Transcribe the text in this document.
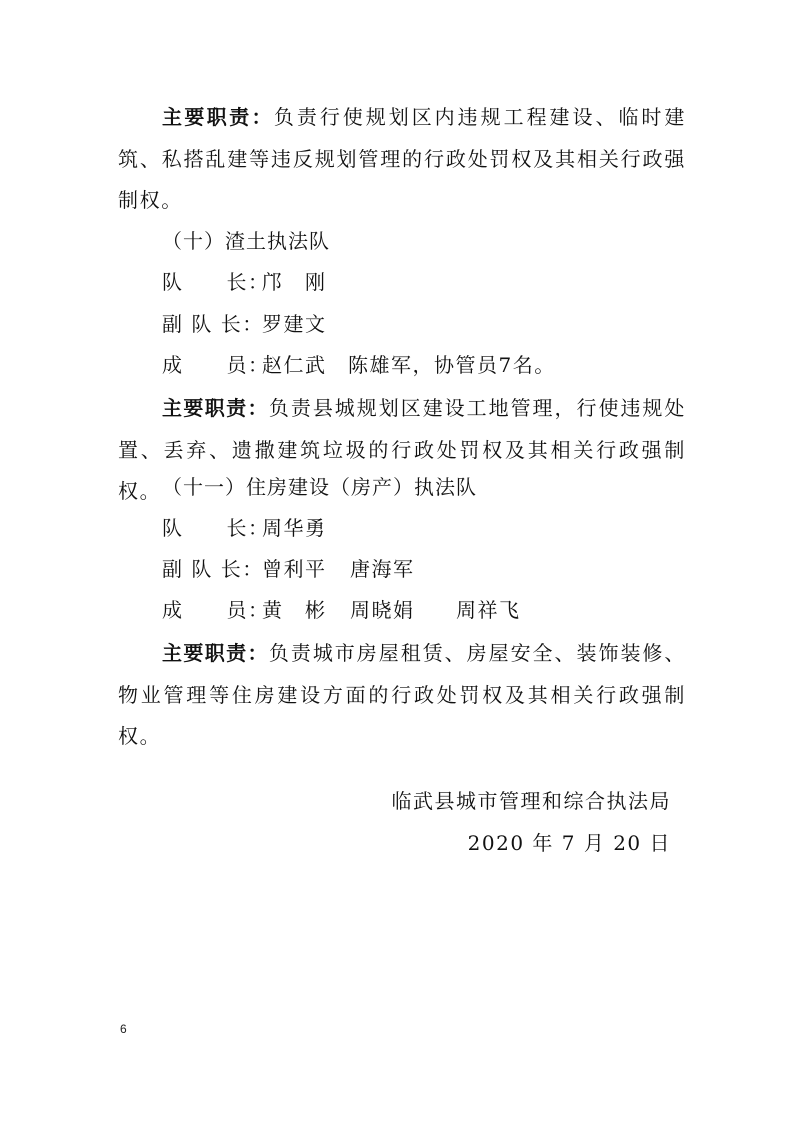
主要职责：负责行使规划区内违规工程建设、临时建筑、私搭乱建等违反规划管理的行政处罚权及其相关行政强制权。

（十）渣土执法队

队　　长：邝　刚

副 队 长：罗建文

成　　员：赵仁武　陈雄军，协管员7名。

主要职责：负责县城规划区建设工地管理，行使违规处置、丢弃、遗撒建筑垃圾的行政处罚权及其相关行政强制权。 （十一）住房建设（房产）执法队

队　　长：周华勇

副 队 长：曾利平 唐海军

成　　员：黄　彬 周晓娟 周祥飞

主要职责：负责城市房屋租赁、房屋安全、装饰装修、物业管理等住房建设方面的行政处罚权及其相关行政强制权。

临武县城市管理和综合执法局

2020 年 7 月 20 日

6
